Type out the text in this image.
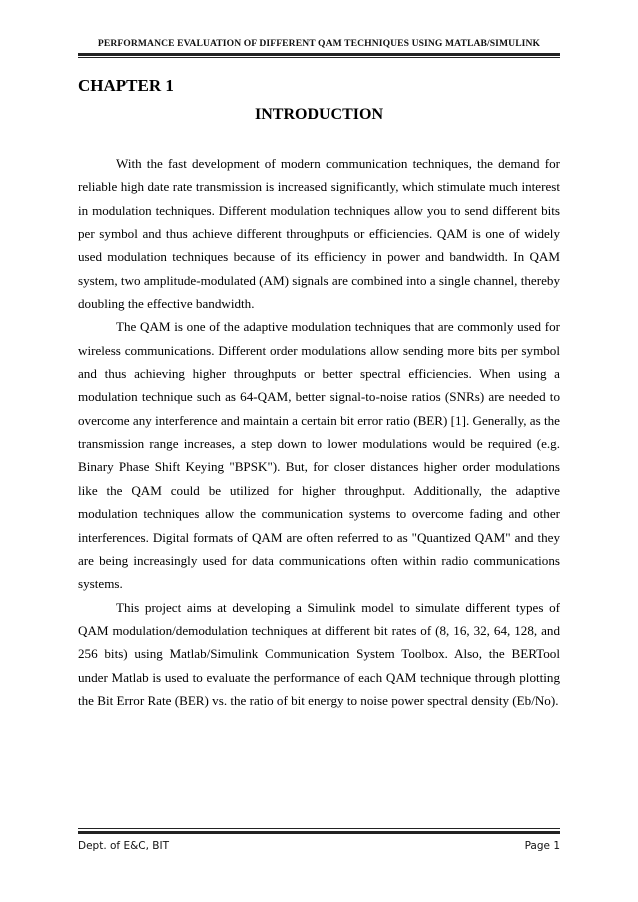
PERFORMANCE EVALUATION OF DIFFERENT QAM TECHNIQUES USING MATLAB/SIMULINK
CHAPTER 1
INTRODUCTION

With the fast development of modern communication techniques, the demand for reliable high date rate transmission is increased significantly, which stimulate much interest in modulation techniques. Different modulation techniques allow you to send different bits per symbol and thus achieve different throughputs or efficiencies. QAM is one of widely used modulation techniques because of its efficiency in power and bandwidth. In QAM system, two amplitude-modulated (AM) signals are combined into a single channel, thereby doubling the effective bandwidth.

The QAM is one of the adaptive modulation techniques that are commonly used for wireless communications. Different order modulations allow sending more bits per symbol and thus achieving higher throughputs or better spectral efficiencies. When using a modulation technique such as 64-QAM, better signal-to-noise ratios (SNRs) are needed to overcome any interference and maintain a certain bit error ratio (BER) [1]. Generally, as the transmission range increases, a step down to lower modulations would be required (e.g. Binary Phase Shift Keying "BPSK"). But, for closer distances higher order modulations like the QAM could be utilized for higher throughput. Additionally, the adaptive modulation techniques allow the communication systems to overcome fading and other interferences. Digital formats of QAM are often referred to as "Quantized QAM" and they are being increasingly used for data communications often within radio communications systems.

This project aims at developing a Simulink model to simulate different types of QAM modulation/demodulation techniques at different bit rates of (8, 16, 32, 64, 128, and 256 bits) using Matlab/Simulink Communication System Toolbox. Also, the BERTool under Matlab is used to evaluate the performance of each QAM technique through plotting the Bit Error Rate (BER) vs. the ratio of bit energy to noise power spectral density (Eb/No).

Dept. of E&C, BIT	Page 1
